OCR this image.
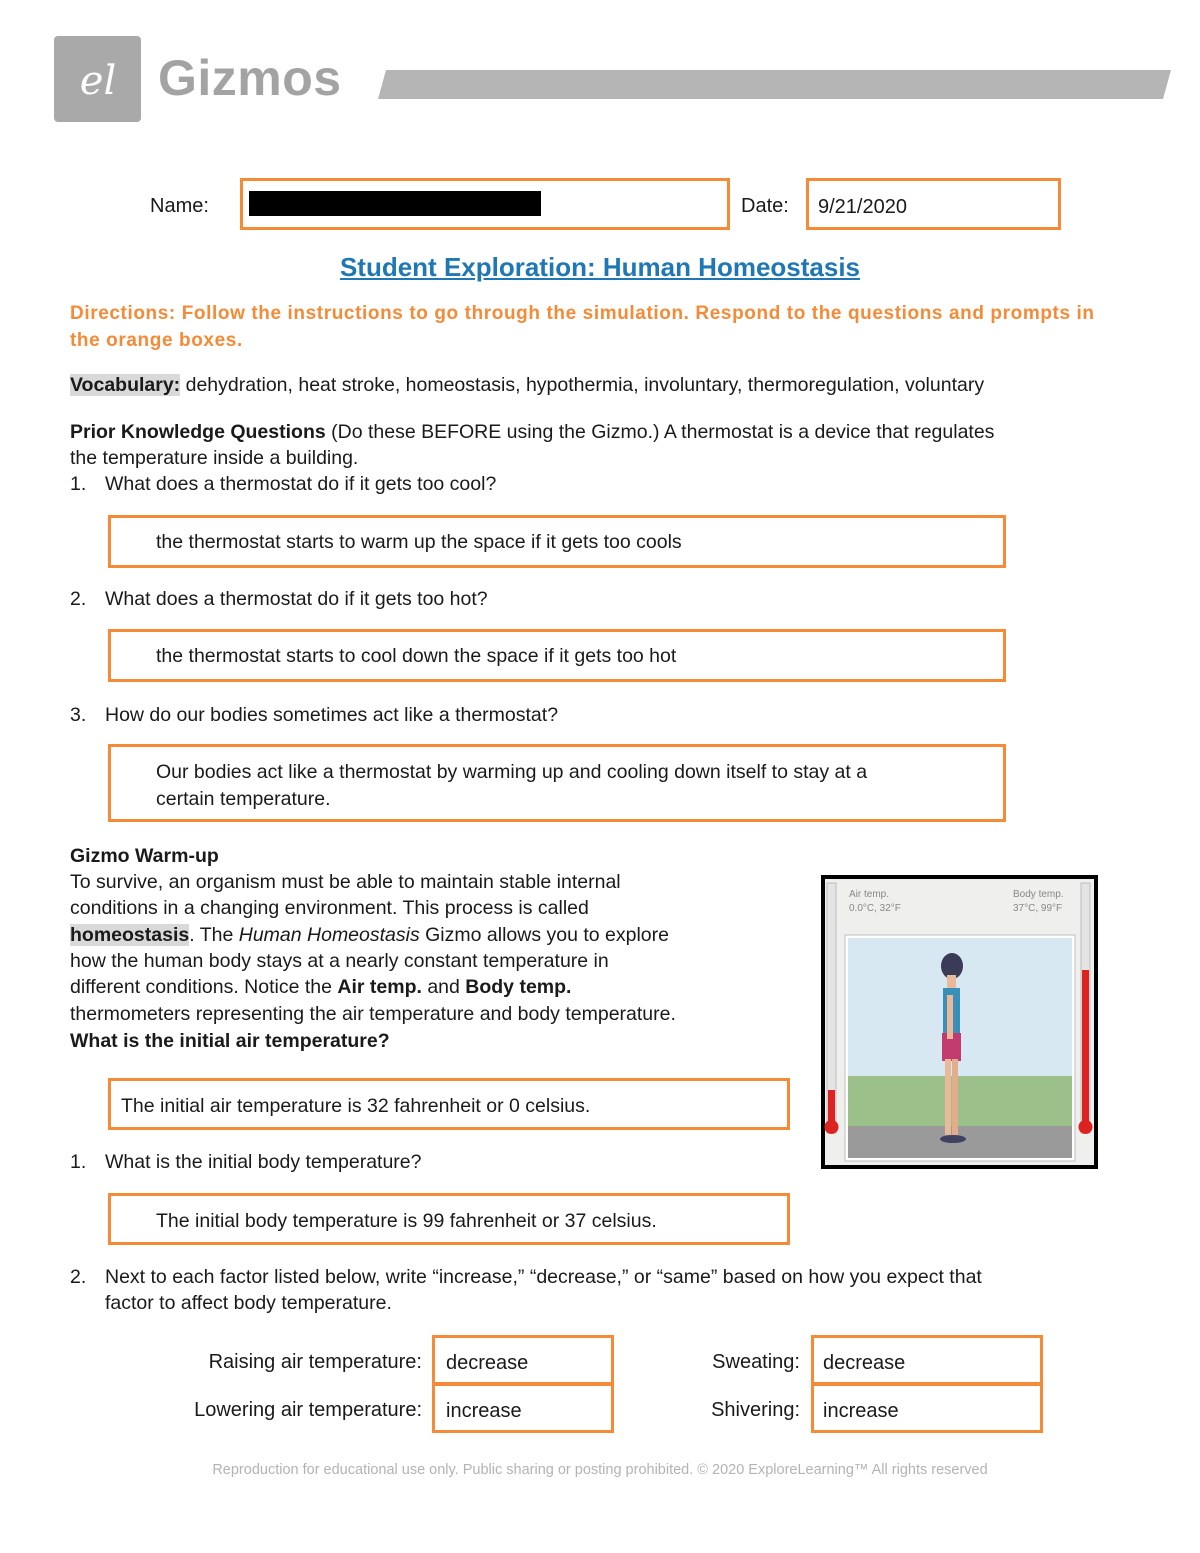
el Gizmos
Name:	Date: 9/21/2020
Student Exploration: Human Homeostasis
Directions: Follow the instructions to go through the simulation. Respond to the questions and prompts in the orange boxes.
Vocabulary: dehydration, heat stroke, homeostasis, hypothermia, involuntary, thermoregulation, voluntary
Prior Knowledge Questions (Do these BEFORE using the Gizmo.) A thermostat is a device that regulates
the temperature inside a building.
1. What does a thermostat do if it gets too cool?
the thermostat starts to warm up the space if it gets too cools
2. What does a thermostat do if it gets too hot?
the thermostat starts to cool down the space if it gets too hot
3. How do our bodies sometimes act like a thermostat?
Our bodies act like a thermostat by warming up and cooling down itself to stay at a
certain temperature.
Gizmo Warm-up
To survive, an organism must be able to maintain stable internal
conditions in a changing environment. This process is called
homeostasis. The Human Homeostasis Gizmo allows you to explore
how the human body stays at a nearly constant temperature in
different conditions. Notice the Air temp. and Body temp.
thermometers representing the air temperature and body temperature.
What is the initial air temperature?
The initial air temperature is 32 fahrenheit or 0 celsius.
1. What is the initial body temperature?
The initial body temperature is 99 fahrenheit or 37 celsius.
2. Next to each factor listed below, write “increase,” “decrease,” or “same” based on how you expect that
factor to affect body temperature.
Air temp.
0.0°C, 32°F
Body temp.
37°C, 99°F
Raising air temperature: decrease
Lowering air temperature: increase
Sweating: decrease
Shivering: increase
Reproduction for educational use only. Public sharing or posting prohibited. © 2020 ExploreLearning™ All rights reserved
